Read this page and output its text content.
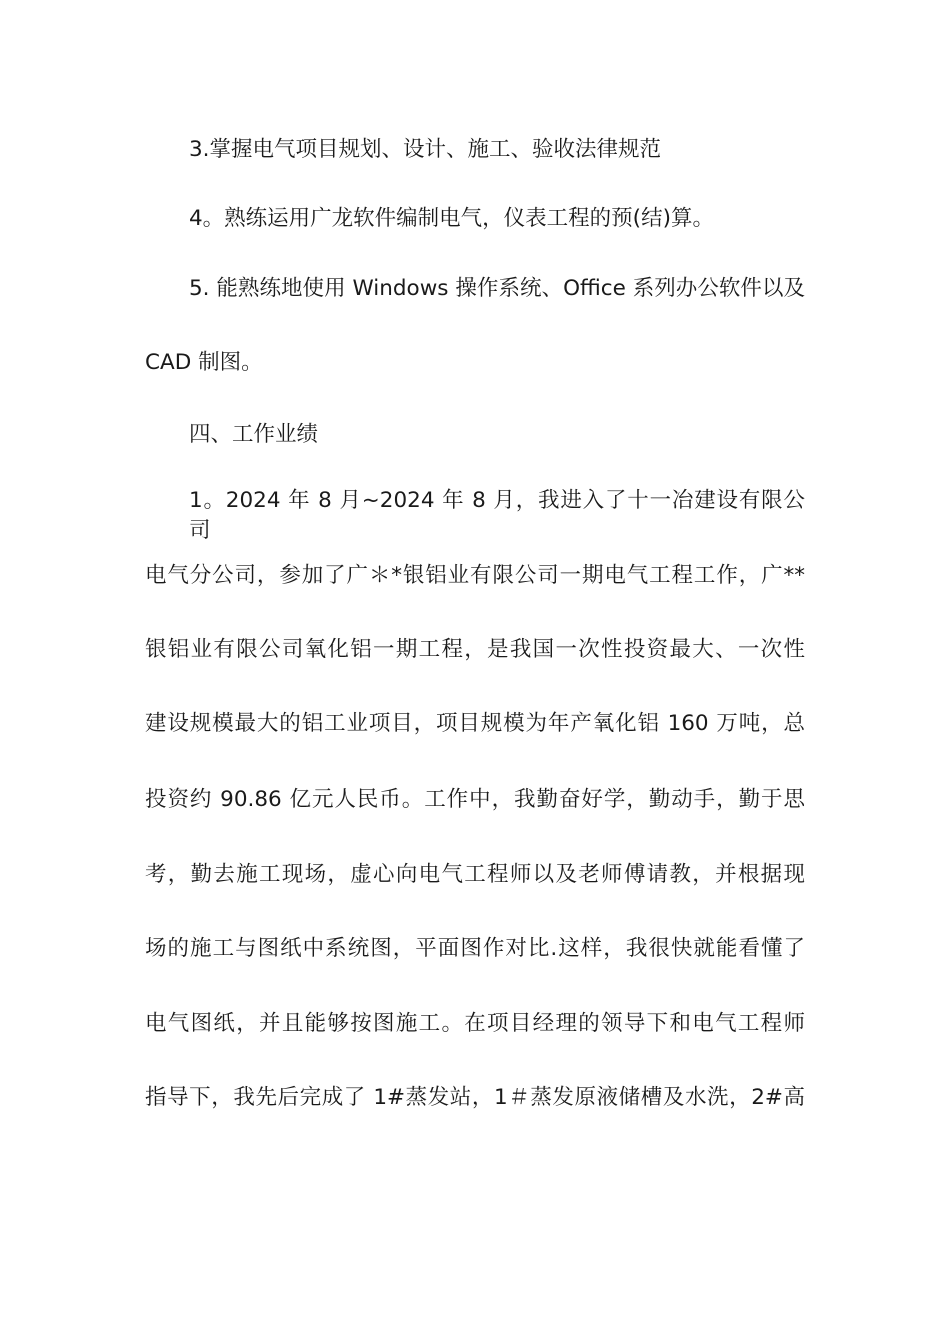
3.掌握电气项目规划、设计、施工、验收法律规范
4。熟练运用广龙软件编制电气，仪表工程的预(结)算。
5. 能熟练地使用 Windows 操作系统、Office 系列办公软件以及
CAD 制图。
四、工作业绩
1。2024 年 8 月~2024 年 8 月，我进入了十一冶建设有限公司
电气分公司，参加了广＊*银铝业有限公司一期电气工程工作，广**
银铝业有限公司氧化铝一期工程，是我国一次性投资最大、一次性
建设规模最大的铝工业项目，项目规模为年产氧化铝 160 万吨，总
投资约 90.86 亿元人民币。工作中，我勤奋好学，勤动手，勤于思
考，勤去施工现场，虚心向电气工程师以及老师傅请教，并根据现
场的施工与图纸中系统图，平面图作对比.这样，我很快就能看懂了
电气图纸，并且能够按图施工。在项目经理的领导下和电气工程师
指导下，我先后完成了 1#蒸发站，1＃蒸发原液储槽及水洗，2#高
